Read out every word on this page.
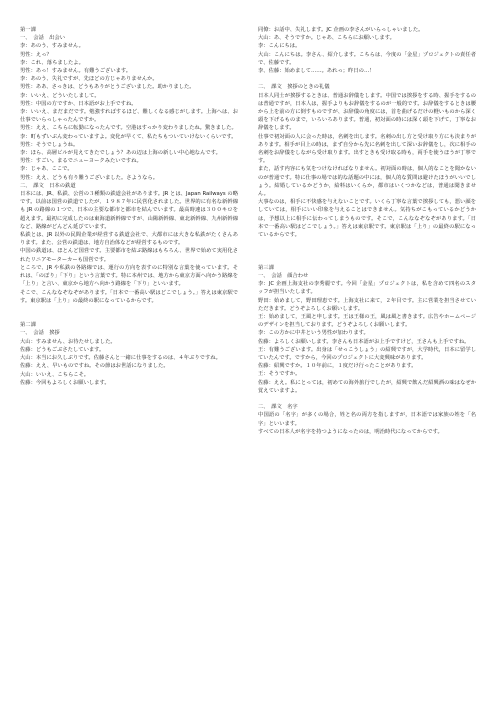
第一課

一、　会話　出会い

李：あのう、すみません。

男性：えっ？

李：これ、落ちましたよ。

男性：あっ！すみません。有難うございます。

李：あのう、失礼ですが、先ほどの方じゃありませんか。

男性：ああ、さっきは、どうもありがとうございました。助かりました。

李：いいえ、どういたしまして。

男性：中国の方ですか、日本語がお上手ですね。

李：いいえ、まだまだです。勉強すればするほど、難しくなる感じがします。上海へは、お仕事でいらっしゃったんですか。

男性：ええ、こちらに転勤になったんです。空港はすっかり変わりましたね。驚きました。

李：町もずいぶん変わっていますよ。変化が早くて、私たちもついていけないくらいです。

男性：そうでしょうね。

李：ほら、高層ビルが見えてきたでしょう？あの辺は上海の新しい中心地なんです。

男性：すごい。まるでニューヨークみたいですね。

李：じゃあ、ここで。

男性：ええ、どうも有り難うございました。さようなら。

二、　課文　日本の鉄道

日本には、JR、私鉄、公営の３種類の鉄道会社があります。JR とは、Japan Railways の略です。以前は国営の鉄道でしたが、１９８７年に民営化されました。世界的に有名な新幹線も JR の路線の１つで、日本の主要な都市と都市を結んでいます。最高時速は３００キロを超えます。最初に完成したのは東海道新幹線ですが、山陽新幹線、東北新幹線、九州新幹線など、路線がどんどん延びています。

私鉄とは、JR 以外の民間企業が経営する鉄道会社で、大都市には大きな私鉄がたくさんあります。また、公営の鉄道は、地方自治体などが経営するものです。

中国の鉄道は、ほとんど国営です。主要都市を結ぶ路線はもちろん、世界で始めて実用化されたリニアモーターカーも国営です。

ところで、JR や私鉄の各路線では、運行の方向を表すのに特別な言葉を使っています。それは、「のぼり」「下り」という言葉です。特に本州では、地方から東京方面へ向かう路線を「上り」と言い、東京から地方へ向かう路線を「下り」といいます。

そこで、こんななぞなぞがあります。「日本で一番高い駅はどこでしょう。」答えは東京駅です。東京駅は「上り」の最終の駅になっているからです。

第二課

一、　会話　挨拶

大山：すみません、お待たせしました。

佐藤：どうもごぶさたしています。

大山：本当にお久しぶりです。佐藤さんと一緒に仕事をするのは、４年ぶりですね。

佐藤：ええ、早いものですね。その節はお世話になりました。

大山：いいえ、こちらこそ。

佐藤：今回もよろしくお願いします。

同僚：お話中、失礼します。JC 企画の李さんがいらっしゃいました。

大山：あ、そうですか。じゃあ、こちらにお願いします。

李：こんにちは。

大山：こんにちは。李さん、紹介します。こちらは、今度の「金星」プロジェクトの責任者で、佐藤です。

李、佐藤：始めまして……。あれっ；昨日の…！

二、　課文　挨拶のときの礼儀

日本人同士が挨拶するときは、普通お辞儀をします。中国では挨拶をする時、握手をするのは普通ですが，日本人は，握手よりもお辞儀をするのが一般的です。お辞儀をするときは腰から上を前の方に倒すものですが、お辞儀の角度には，首を曲げるだけの軽いものから深く頭を下げるものまで，いろいろあります。普通，初対面の時には深く頭を下げて，丁寧なお辞儀をします。

仕事で初対面の人に会った時は，名刺を出します。名刺の出し方と受け取り方にも決まりがあります。相手が目上の時は，まず自分から先に名刺を出して深いお辞儀をし，次に相手の名刺をお辞儀をしながら受け取ります。出すときも受け取る時も，両手を使うほうが丁寧です。

また，話す内容にも気をつけなければなりません。初対面の時は，個人的なことを聞かないのが普通です。特に仕事の場では的な話題の中には，個人的な質問は避けたほうがいいでしょう。結婚しているかどうか，給料はいくらか，都市はいくつかなどは，普通は聞きません。

大事なのは，相手に不快感を与えないことです。いくら丁寧な言葉で挨拶しても，悪い顔をしていては，相手にいい印象を与えることはできません。気持ちがこもっているかどうかは，予想以上に相手に伝わってしまうものです。そこで，こんななぞなぞがあります。「日本で一番高い駅はどこでしょう。」答えは東京駅です。東京駅は「上り」の最終の駅になっているからです。

第三課

一、　会話　顔合わせ

李：JC 企画上海支社の李秀麗です。今回「金星」プロジェクトは，私を含めて四名のスタッフが担当いたします。

野田：始めまして，野田理恵です。上海支社に来て，２年目です。主に営業を担当させていただきます。どうぞよろしくお願いします。

王：始めまして，王風と申します。王は王様の王，風は風と書きます。広告やホームページのデザインを担当しております。どうぞよろしくお願いします。

李：この方かに中井という男性が加わります。

佐藤：よろしくお願いします。李さんも日本語がお上手ですけど，王さんも上手ですね。

王：有難うございます。出身は「せっこうしょう」の紹興ですが，大学時代，日本に留学していたんです。ですから，今回のプロジェクトに大変興味があります。

佐藤：紹興ですか。１０年前に，１度だけ行ったことがあります。

王：そうですか。

佐藤：ええ。私にとっては，初めての海外旅行でしたが，紹興で飲んだ紹興酒の味はなぜか覚えていますよ。

二、　課文　名字

中国語の「名字」が多くの場合，姓と名の両方を指しますが，日本語では家族の姓を「名字」といいます。

すべての日本人が名字を持つようになったのは，明治時代になってからです。
